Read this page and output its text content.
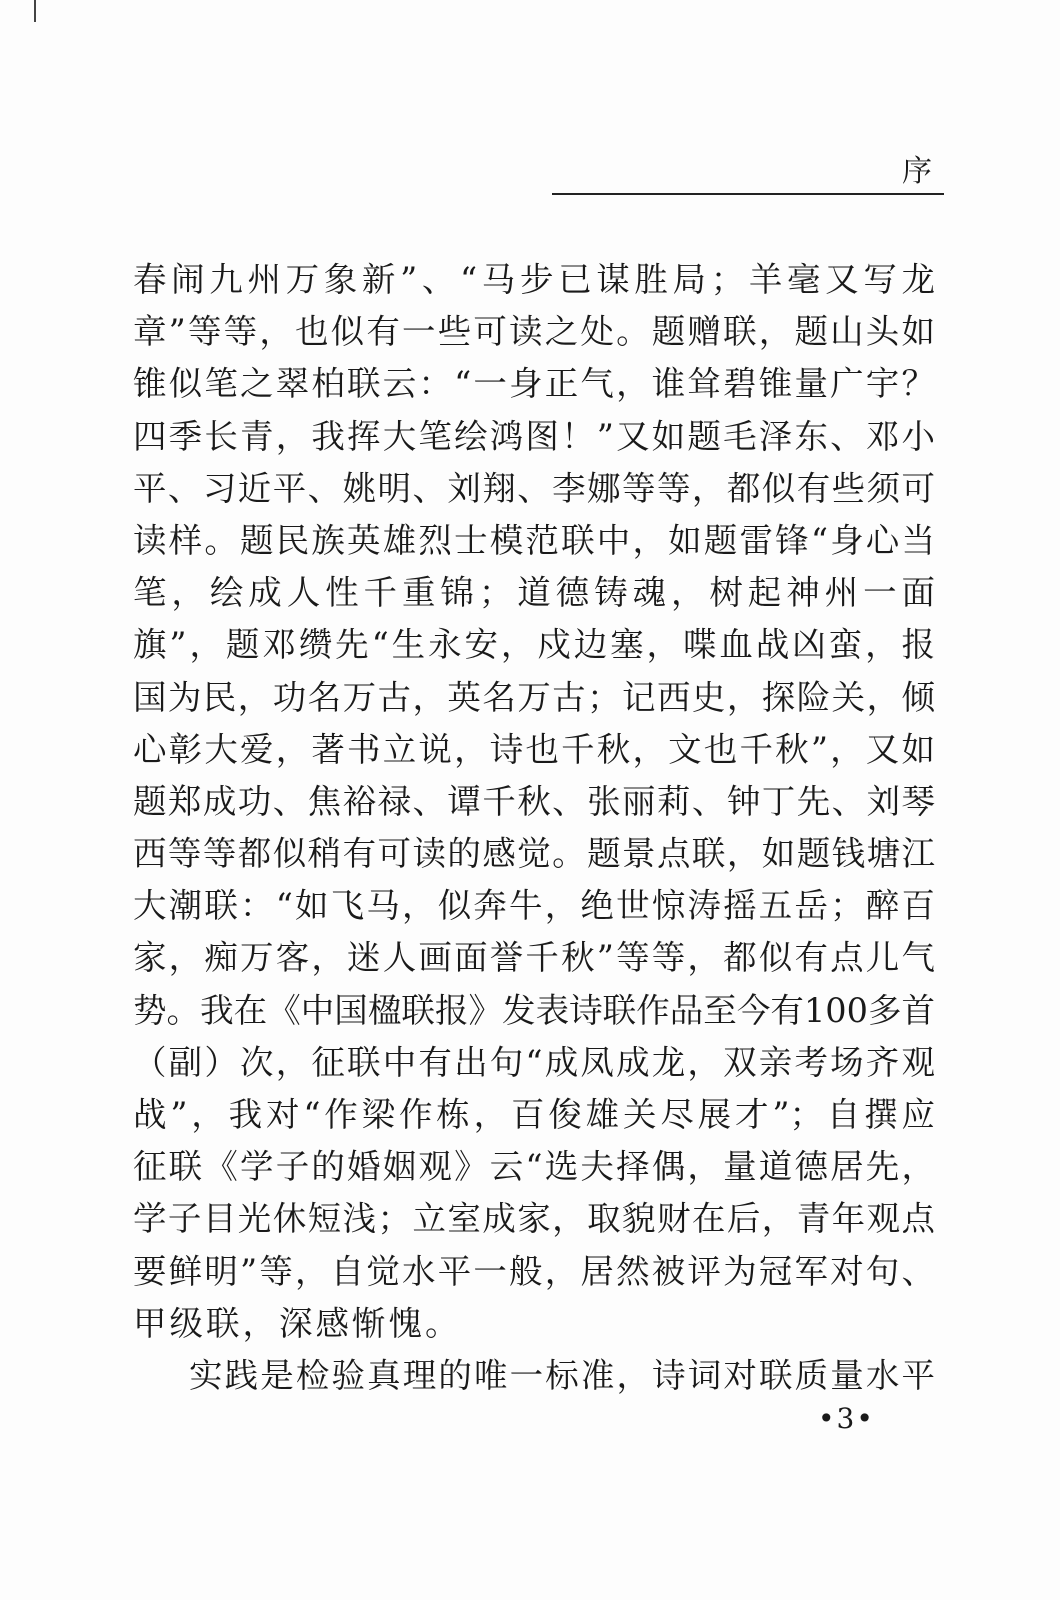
序
春闹九州万象新”、“马步已谋胜局；羊毫又写龙
章”等等，也似有一些可读之处。题赠联，题山头如
锥似笔之翠柏联云：“一身正气，谁耸碧锥量广宇？
四季长青，我挥大笔绘鸿图！”又如题毛泽东、邓小
平、习近平、姚明、刘翔、李娜等等，都似有些须可
读样。题民族英雄烈士模范联中，如题雷锋“身心当
笔，绘成人性千重锦；道德铸魂，树起神州一面
旗”，题邓缵先“生永安，戍边塞，喋血战凶蛮，报
国为民，功名万古，英名万古；记西史，探险关，倾
心彰大爱，著书立说，诗也千秋，文也千秋”，又如
题郑成功、焦裕禄、谭千秋、张丽莉、钟丁先、刘琴
西等等都似稍有可读的感觉。题景点联，如题钱塘江
大潮联：“如飞马，似奔牛，绝世惊涛摇五岳；醉百
家，痴万客，迷人画面誉千秋”等等，都似有点儿气
势。我在《中国楹联报》发表诗联作品至今有100多首
（副）次，征联中有出句“成凤成龙，双亲考场齐观
战”，我对“作梁作栋，百俊雄关尽展才”；自撰应
征联《学子的婚姻观》云“选夫择偶，量道德居先，
学子目光休短浅；立室成家，取貌财在后，青年观点
要鲜明”等，自觉水平一般，居然被评为冠军对句、
甲级联，深感惭愧。
实践是检验真理的唯一标准，诗词对联质量水平
•3•
